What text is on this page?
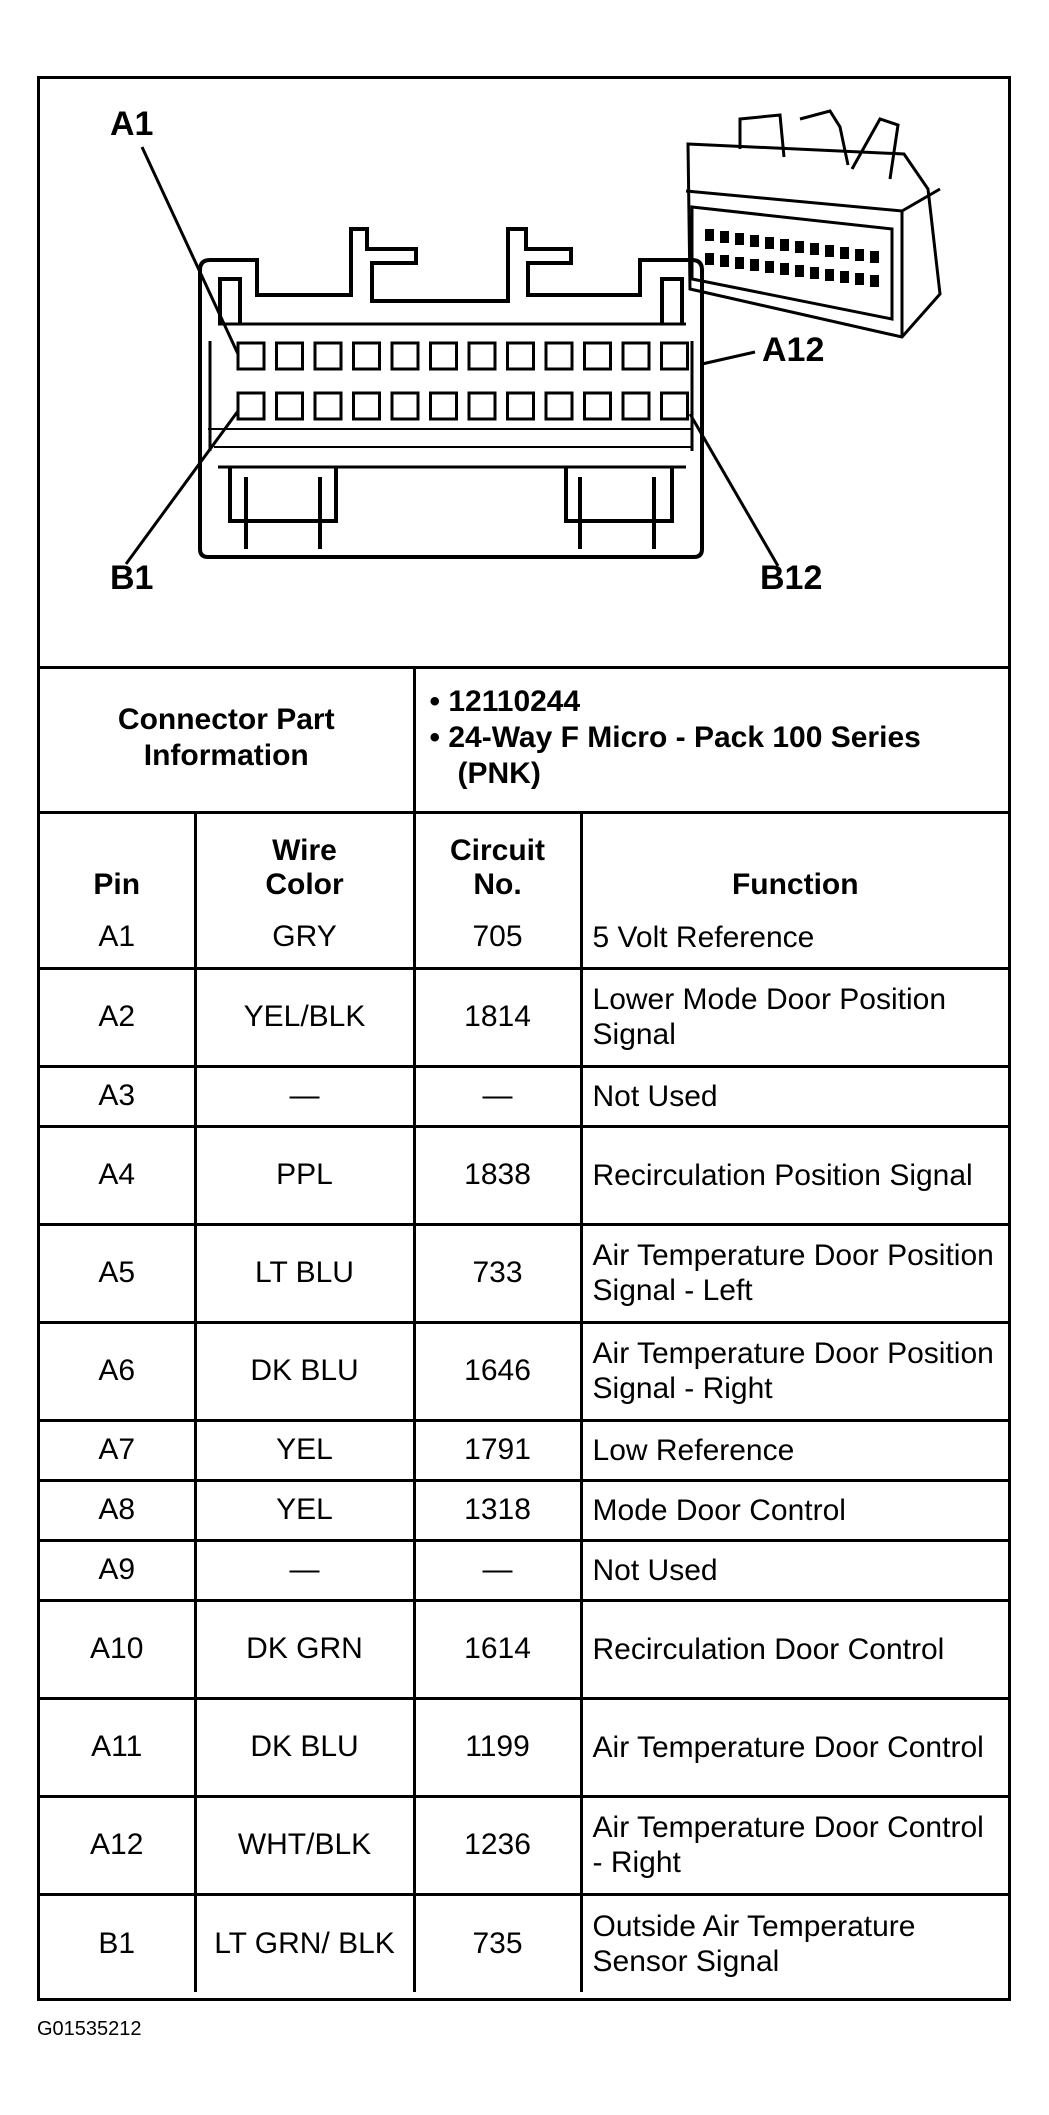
A1
A12
B1	B12
Connector Part Information		• 12110244
• 24-Way F Micro - Pack 100 Series (PNK)	

Pin	Wire Color	Circuit No.	Function
A1	GRY	705	5 Volt Reference
A2	YEL/BLK	1814	Lower Mode Door Position Signal
A3	—	—	Not Used
A4	PPL	1838	Recirculation Position Signal
A5	LT BLU	733	Air Temperature Door Position Signal - Left
A6	DK BLU	1646	Air Temperature Door Position Signal - Right
A7	YEL	1791	Low Reference
A8	YEL	1318	Mode Door Control
A9	—	—	Not Used
A10	DK GRN	1614	Recirculation Door Control
A11	DK BLU	1199	Air Temperature Door Control
A12	WHT/BLK	1236	Air Temperature Door Control - Right
B1	LT GRN/ BLK	735	Outside Air Temperature Sensor Signal
G01535212
